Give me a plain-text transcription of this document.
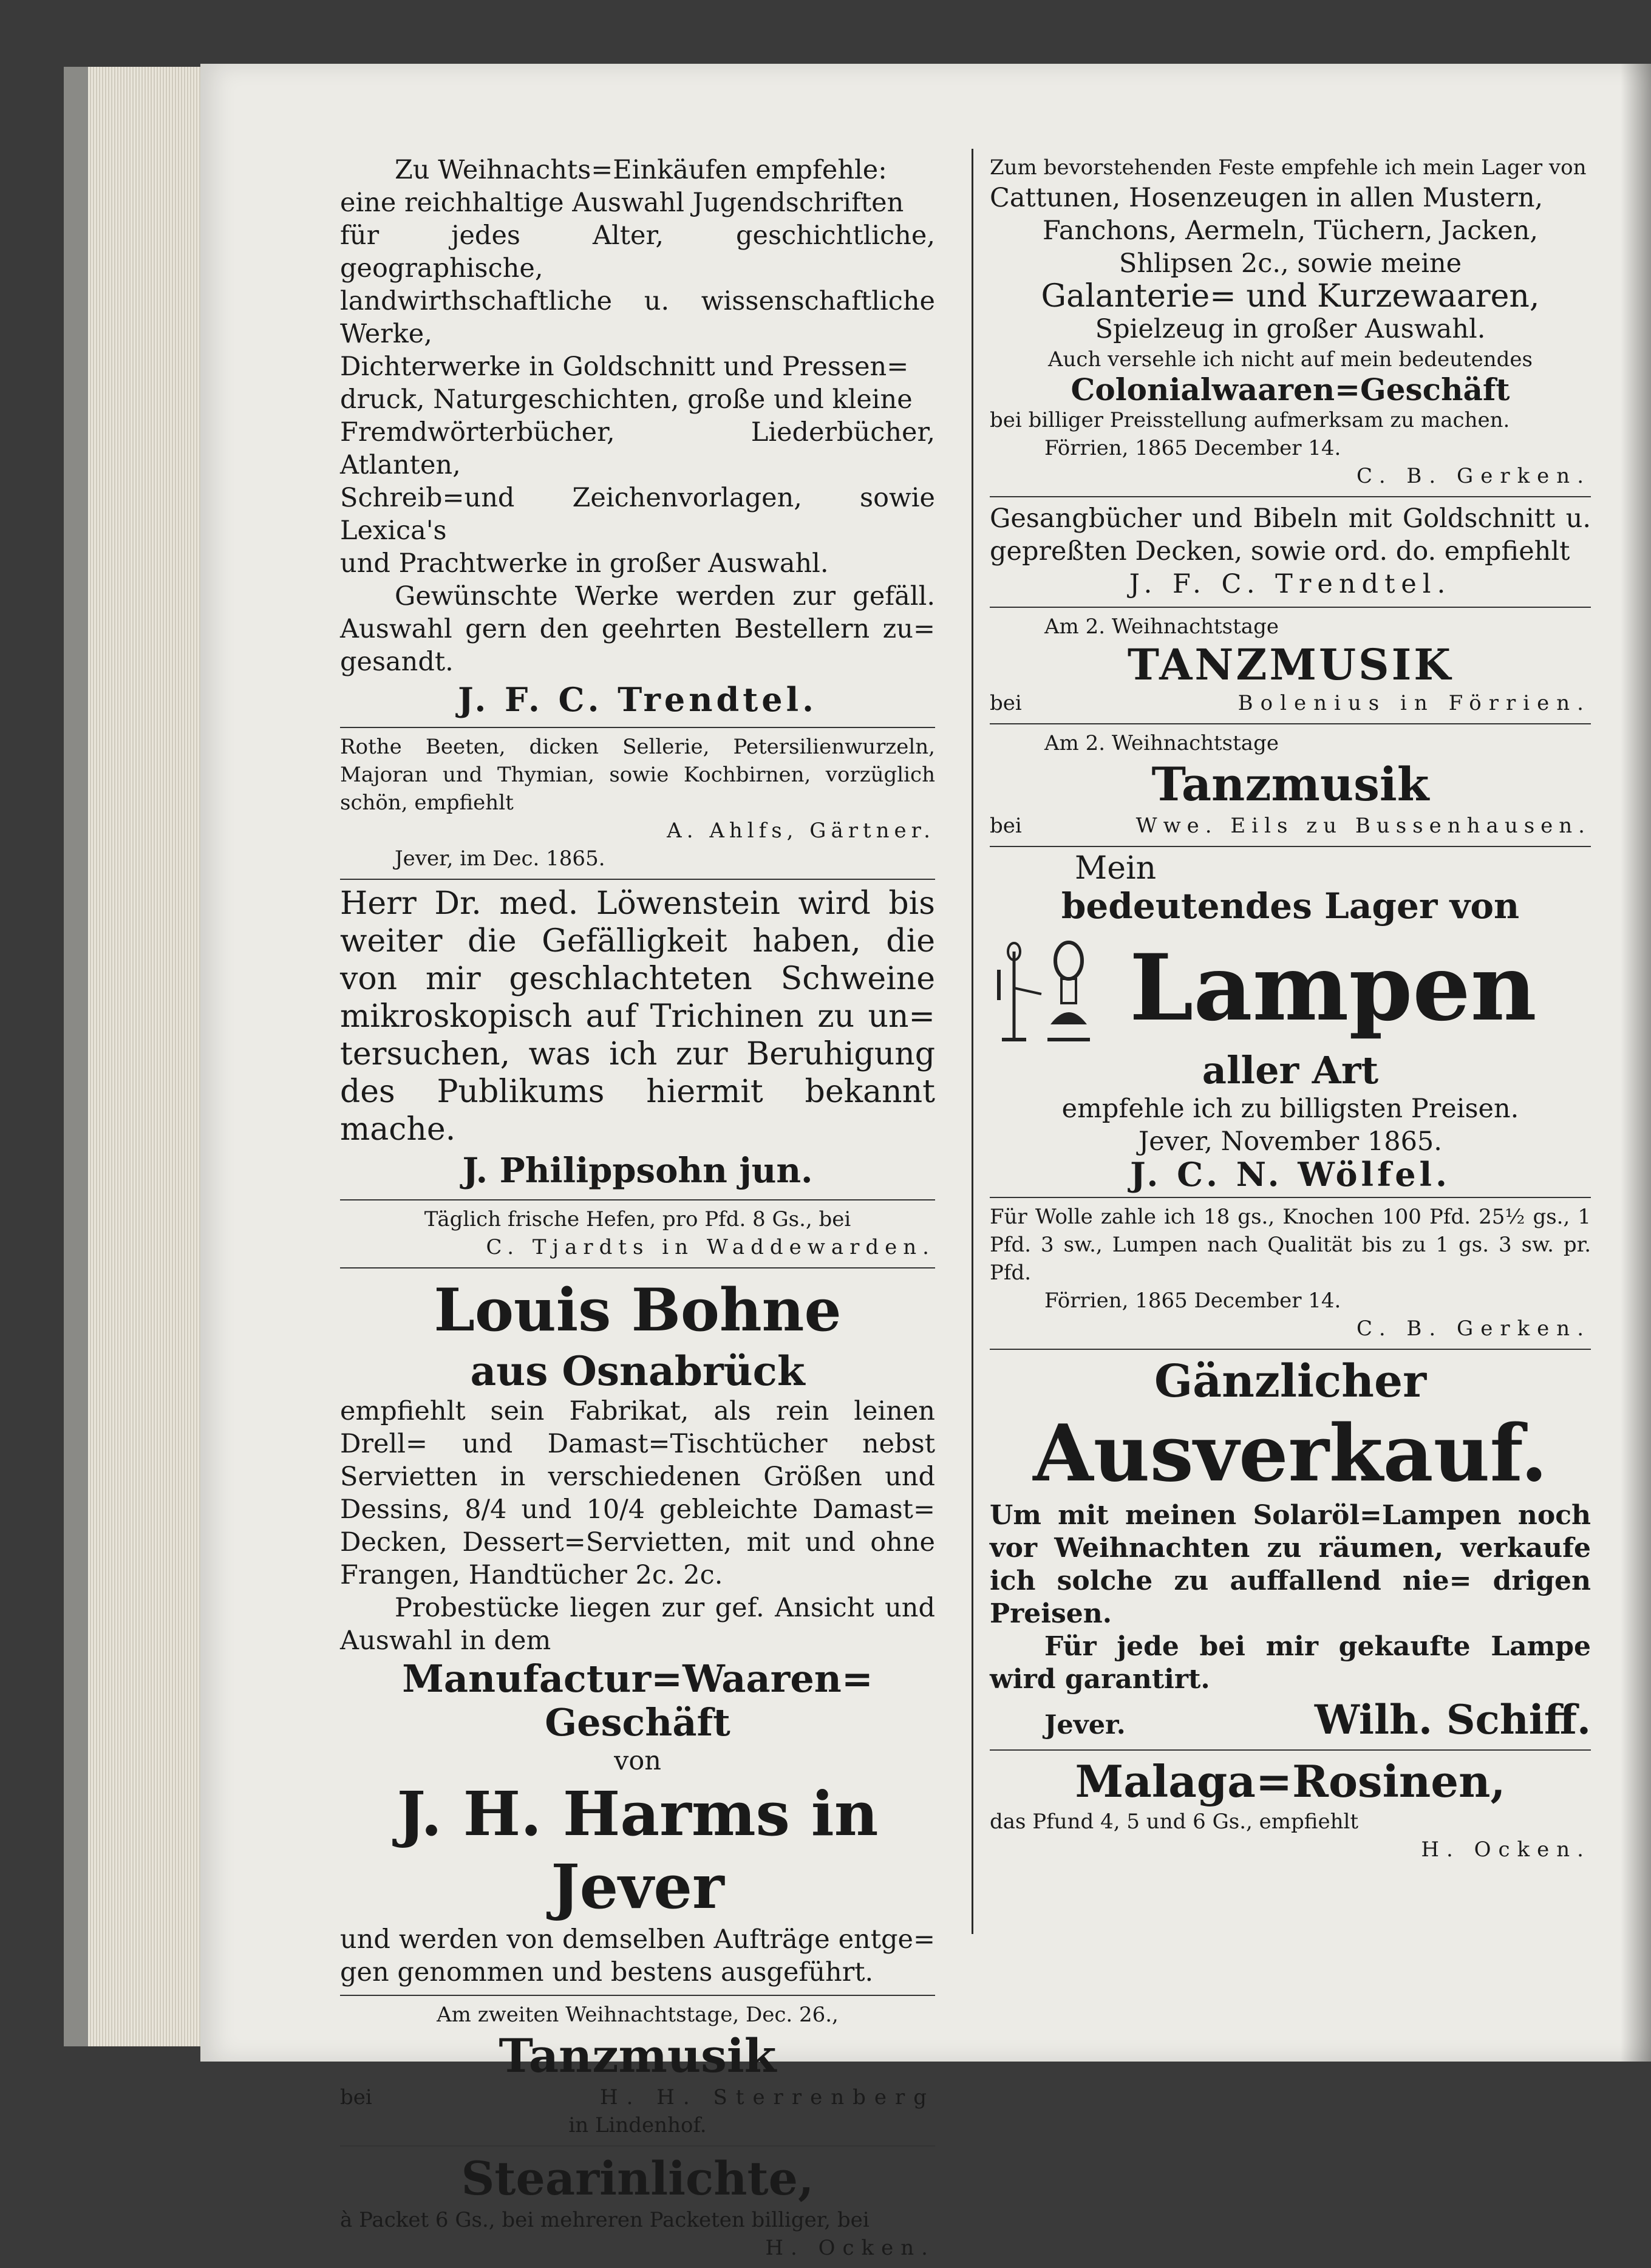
Zu Weihnachts=Einkäufen empfehle:

eine reichhaltige Auswahl Jugendschriften

für jedes Alter, geschichtliche, geographische,

landwirthschaftliche u. wissenschaftliche Werke,

Dichterwerke in Goldschnitt und Pressen=

druck, Naturgeschichten, große und kleine

Fremdwörterbücher, Liederbücher, Atlanten,

Schreib=und Zeichenvorlagen, sowie Lexica's

und Prachtwerke in großer Auswahl.

Gewünschte Werke werden zur gefäll. Auswahl gern den geehrten Bestellern zu= gesandt.

J. F. C. Trendtel.

Rothe Beeten, dicken Sellerie, Petersilienwurzeln, Majoran und Thymian, sowie Kochbirnen, vorzüglich schön, empfiehlt

A. Ahlfs, Gärtner.

Jever, im Dec. 1865.

Herr Dr. med. Löwenstein wird bis weiter die Gefälligkeit haben, die von mir geschlachteten Schweine mikroskopisch auf Trichinen zu un= tersuchen, was ich zur Beruhigung des Publikums hiermit bekannt mache.

J. Philippsohn jun.

Täglich frische Hefen, pro Pfd. 8 Gs., bei

C. Tjardts in Waddewarden.

Louis Bohne

aus Osnabrück

empfiehlt sein Fabrikat, als rein leinen Drell= und Damast=Tischtücher nebst Servietten in verschiedenen Größen und Dessins, 8/4 und 10/4 gebleichte Damast= Decken, Dessert=Servietten, mit und ohne Frangen, Handtücher 2c. 2c.

Probestücke liegen zur gef. Ansicht und Auswahl in dem

Manufactur=Waaren=

Geschäft

von

J. H. Harms in Jever

und werden von demselben Aufträge entge= gen genommen und bestens ausgeführt.

Am zweiten Weihnachtstage, Dec. 26.,

Tanzmusik

bei	H. H. Sterrenberg

in Lindenhof.

Stearinlichte,

à Packet 6 Gs., bei mehreren Packeten billiger, bei

H. Ocken.

Zum bevorstehenden Feste empfehle ich mein Lager von

Cattunen, Hosenzeugen in allen Mustern,

Fanchons, Aermeln, Tüchern, Jacken,

Shlipsen 2c., sowie meine

Galanterie= und Kurzewaaren,

Spielzeug in großer Auswahl.

Auch versehle ich nicht auf mein bedeutendes

Colonialwaaren=Geschäft

bei billiger Preisstellung aufmerksam zu machen.

Förrien, 1865 December 14.

C. B. Gerken.

Gesangbücher und Bibeln mit Goldschnitt u. gepreßten Decken, sowie ord. do. empfiehlt

J. F. C. Trendtel.

Am 2. Weihnachtstage

TANZMUSIK

bei	Bolenius in Förrien.

Am 2. Weihnachtstage

Tanzmusik

bei	Wwe. Eils zu Bussenhausen.

Mein

bedeutendes Lager von

Lampen

aller Art

empfehle ich zu billigsten Preisen.

Jever, November 1865.

J. C. N. Wölfel.

Für Wolle zahle ich 18 gs., Knochen 100 Pfd. 25½ gs., 1 Pfd. 3 sw., Lumpen nach Qualität bis zu 1 gs. 3 sw. pr. Pfd.

Förrien, 1865 December 14.

C. B. Gerken.

Gänzlicher

Ausverkauf.

Um mit meinen Solaröl=Lampen noch vor Weihnachten zu räumen, verkaufe ich solche zu auffallend nie= drigen Preisen.

Für jede bei mir gekaufte Lampe wird garantirt.

Jever.	Wilh. Schiff.

Malaga=Rosinen,

das Pfund 4, 5 und 6 Gs., empfiehlt

H. Ocken.
